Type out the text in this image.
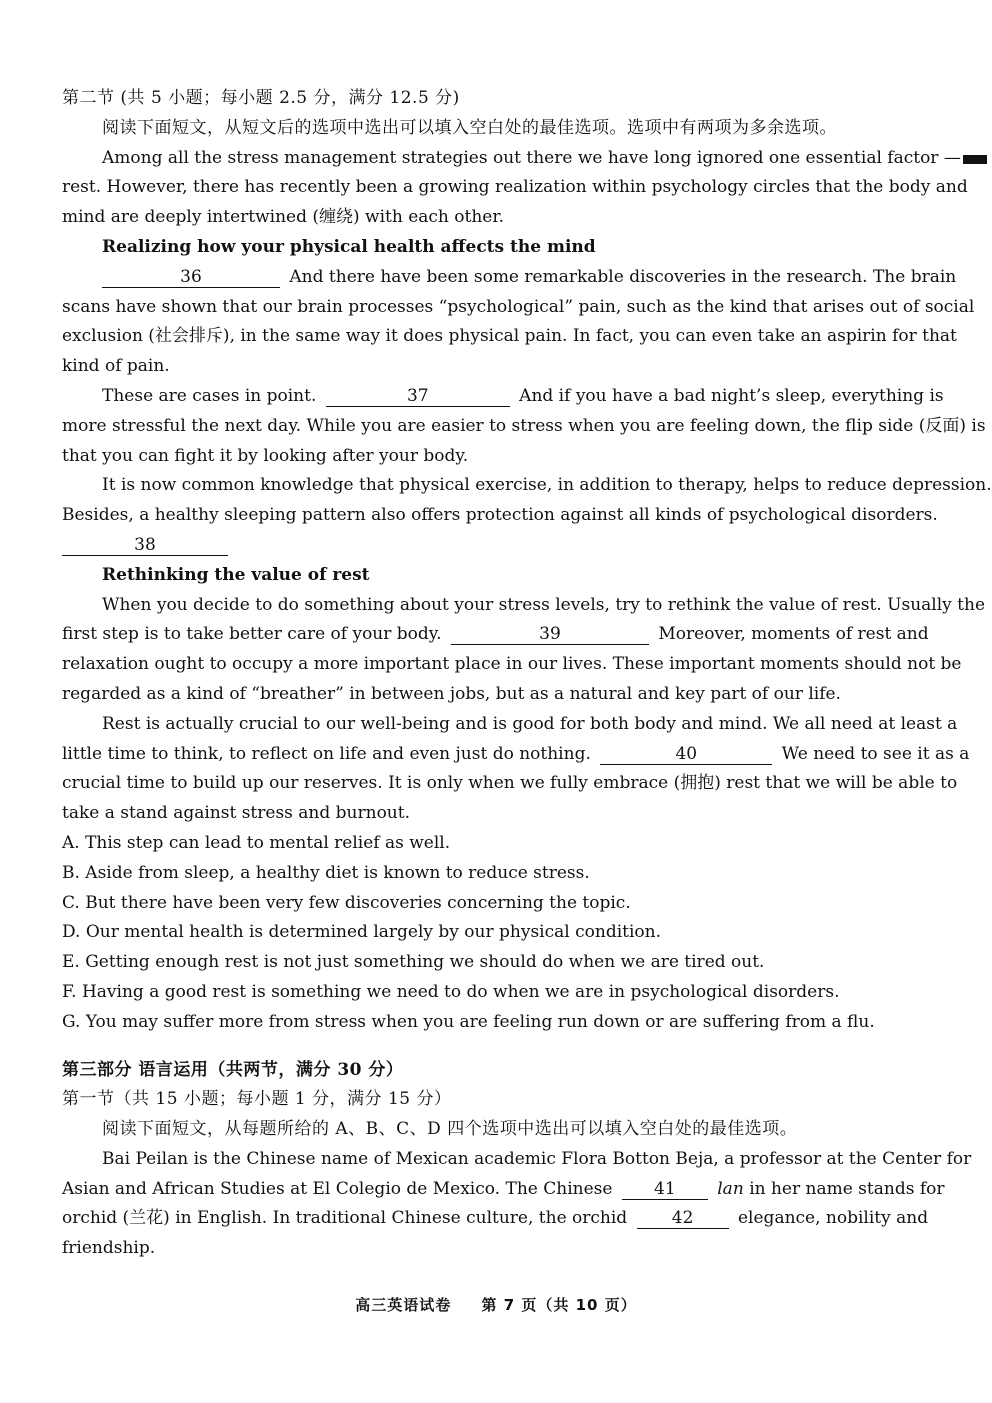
第二节 (共 5 小题；每小题 2.5 分，满分 12.5 分)
阅读下面短文，从短文后的选项中选出可以填入空白处的最佳选项。选项中有两项为多余选项。
Among all the stress management strategies out there we have long ignored one essential factor —
rest. However, there has recently been a growing realization within psychology circles that the body and
mind are deeply intertwined (缠绕) with each other.
Realizing how your physical health affects the mind
36	And there have been some remarkable discoveries in the research. The brain
scans have shown that our brain processes “psychological” pain, such as the kind that arises out of social
exclusion (社会排斥), in the same way it does physical pain. In fact, you can even take an aspirin for that
kind of pain.
These are cases in point.	37	And if you have a bad night’s sleep, everything is
more stressful the next day. While you are easier to stress when you are feeling down, the flip side (反面) is
that you can fight it by looking after your body.
It is now common knowledge that physical exercise, in addition to therapy, helps to reduce depression.
Besides, a healthy sleeping pattern also offers protection against all kinds of psychological disorders.
38
Rethinking the value of rest
When you decide to do something about your stress levels, try to rethink the value of rest. Usually the
first step is to take better care of your body.	39	Moreover, moments of rest and
relaxation ought to occupy a more important place in our lives. These important moments should not be
regarded as a kind of “breather” in between jobs, but as a natural and key part of our life.
Rest is actually crucial to our well-being and is good for both body and mind. We all need at least a
little time to think, to reflect on life and even just do nothing.	40	We need to see it as a
crucial time to build up our reserves. It is only when we fully embrace (拥抱) rest that we will be able to
take a stand against stress and burnout.
A. This step can lead to mental relief as well.
B. Aside from sleep, a healthy diet is known to reduce stress.
C. But there have been very few discoveries concerning the topic.
D. Our mental health is determined largely by our physical condition.
E. Getting enough rest is not just something we should do when we are tired out.
F. Having a good rest is something we need to do when we are in psychological disorders.
G. You may suffer more from stress when you are feeling run down or are suffering from a flu.
第三部分 语言运用（共两节，满分 30 分）
第一节（共 15 小题；每小题 1 分，满分 15 分）
阅读下面短文，从每题所给的 A、B、C、D 四个选项中选出可以填入空白处的最佳选项。
Bai Peilan is the Chinese name of Mexican academic Flora Botton Beja, a professor at the Center for
Asian and African Studies at El Colegio de Mexico. The Chinese 41 lan in her name stands for
orchid (兰花) in English. In traditional Chinese culture, the orchid	42	elegance, nobility and
friendship.
高三英语试卷 第 7 页（共 10 页）
